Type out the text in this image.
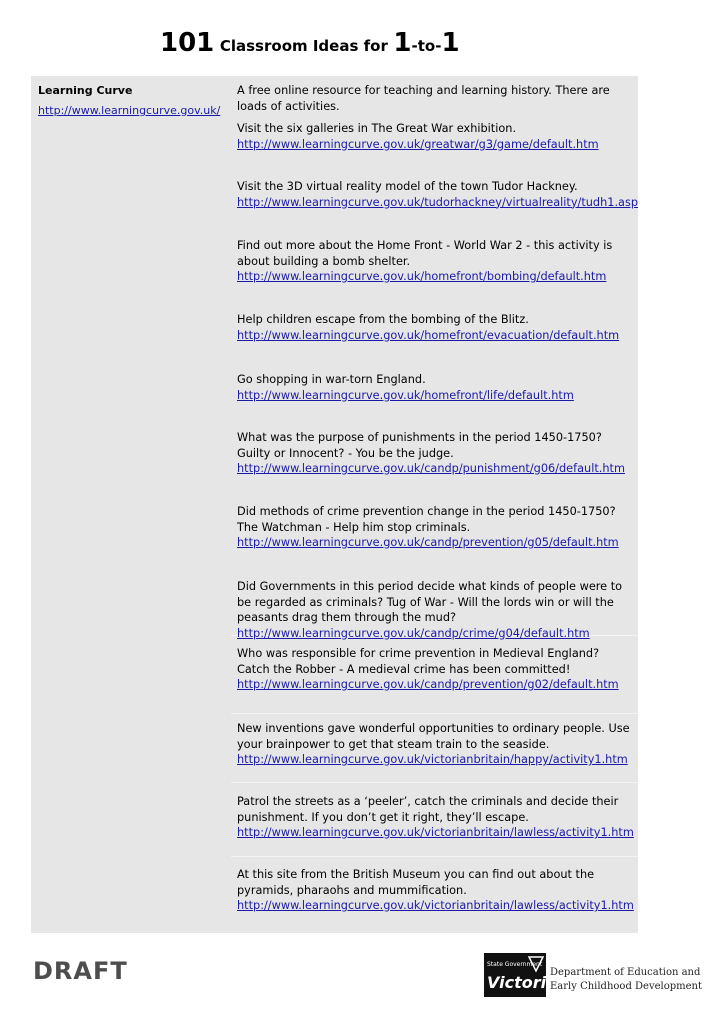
101 Classroom Ideas for 1-to-1
Learning Curve
http://www.learningcurve.gov.uk/
A free online resource for teaching and learning history. There are loads of activities.
Visit the six galleries in The Great War exhibition.
http://www.learningcurve.gov.uk/greatwar/g3/game/default.htm
Visit the 3D virtual reality model of the town Tudor Hackney.
http://www.learningcurve.gov.uk/tudorhackney/virtualreality/tudh1.asp
Find out more about the Home Front - World War 2 - this activity is about building a bomb shelter.
http://www.learningcurve.gov.uk/homefront/bombing/default.htm
Help children escape from the bombing of the Blitz.
http://www.learningcurve.gov.uk/homefront/evacuation/default.htm
Go shopping in war-torn England.
http://www.learningcurve.gov.uk/homefront/life/default.htm
What was the purpose of punishments in the period 1450-1750? Guilty or Innocent? - You be the judge.
http://www.learningcurve.gov.uk/candp/punishment/g06/default.htm
Did methods of crime prevention change in the period 1450-1750? The Watchman - Help him stop criminals.
http://www.learningcurve.gov.uk/candp/prevention/g05/default.htm
Did Governments in this period decide what kinds of people were to be regarded as criminals? Tug of War - Will the lords win or will the peasants drag them through the mud?
http://www.learningcurve.gov.uk/candp/crime/g04/default.htm
Who was responsible for crime prevention in Medieval England? Catch the Robber - A medieval crime has been committed!
http://www.learningcurve.gov.uk/candp/prevention/g02/default.htm
New inventions gave wonderful opportunities to ordinary people. Use your brainpower to get that steam train to the seaside.
http://www.learningcurve.gov.uk/victorianbritain/happy/activity1.htm
Patrol the streets as a ‘peeler’, catch the criminals and decide their punishment. If you don’t get it right, they’ll escape.
http://www.learningcurve.gov.uk/victorianbritain/lawless/activity1.htm
At this site from the British Museum you can find out about the pyramids, pharaohs and mummification.
http://www.learningcurve.gov.uk/victorianbritain/lawless/activity1.htm
DRAFT	State Government
Victoria
Department of Education and
Early Childhood Development
